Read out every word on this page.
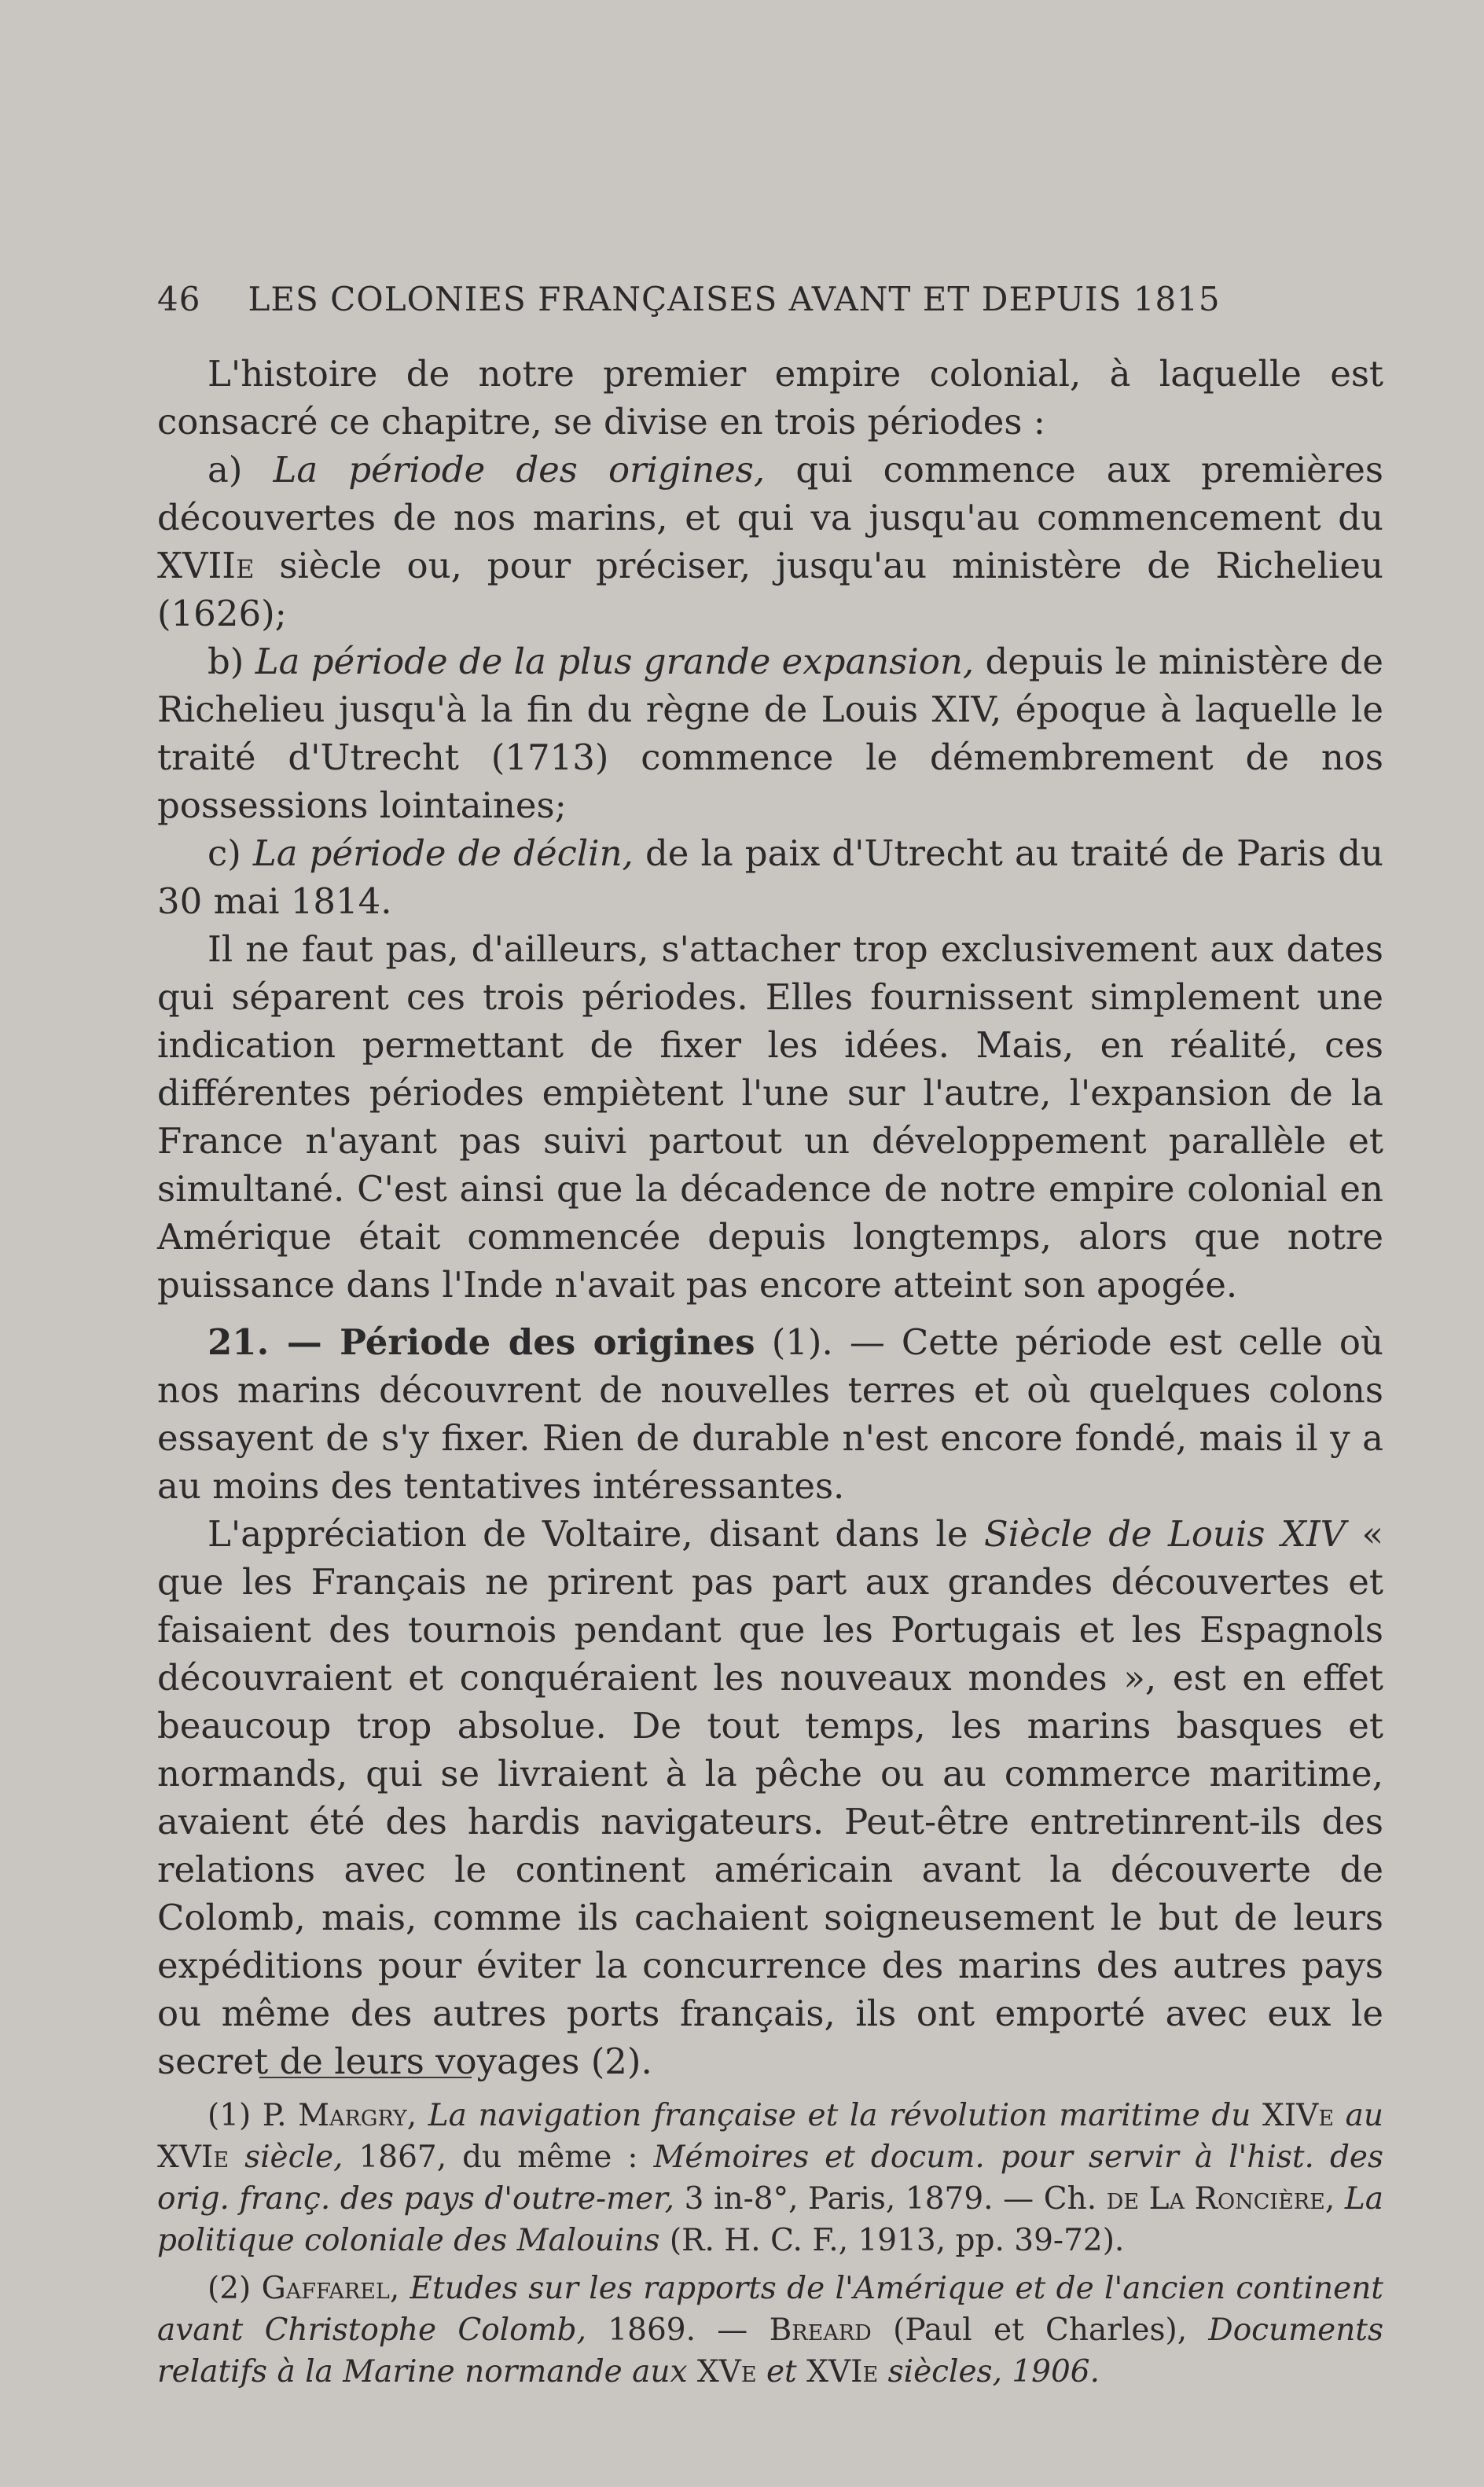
46 LES COLONIES FRANÇAISES AVANT ET DEPUIS 1815

L'histoire de notre premier empire colonial, à laquelle est consacré ce chapitre, se divise en trois périodes :

a) La période des origines, qui commence aux premières découvertes de nos marins, et qui va jusqu'au commencement du XVIIe siècle ou, pour préciser, jusqu'au ministère de Richelieu (1626);

b) La période de la plus grande expansion, depuis le ministère de Richelieu jusqu'à la fin du règne de Louis XIV, époque à laquelle le traité d'Utrecht (1713) commence le démembrement de nos possessions lointaines;

c) La période de déclin, de la paix d'Utrecht au traité de Paris du 30 mai 1814.

Il ne faut pas, d'ailleurs, s'attacher trop exclusivement aux dates qui séparent ces trois périodes. Elles fournissent simplement une indication permettant de fixer les idées. Mais, en réalité, ces différentes périodes empiètent l'une sur l'autre, l'expansion de la France n'ayant pas suivi partout un développement parallèle et simultané. C'est ainsi que la décadence de notre empire colonial en Amérique était commencée depuis longtemps, alors que notre puissance dans l'Inde n'avait pas encore atteint son apogée.

21. — Période des origines (1). — Cette période est celle où nos marins découvrent de nouvelles terres et où quelques colons essayent de s'y fixer. Rien de durable n'est encore fondé, mais il y a au moins des tentatives intéressantes.

L'appréciation de Voltaire, disant dans le Siècle de Louis XIV « que les Français ne prirent pas part aux grandes découvertes et faisaient des tournois pendant que les Portugais et les Espagnols découvraient et conquéraient les nouveaux mondes », est en effet beaucoup trop absolue. De tout temps, les marins basques et normands, qui se livraient à la pêche ou au commerce maritime, avaient été des hardis navigateurs. Peut-être entretinrent-ils des relations avec le continent américain avant la découverte de Colomb, mais, comme ils cachaient soigneusement le but de leurs expéditions pour éviter la concurrence des marins des autres pays ou même des autres ports français, ils ont emporté avec eux le secret de leurs voyages (2).

(1) P. Margry, La navigation française et la révolution maritime du XIVe au XVIe siècle, 1867, du même : Mémoires et docum. pour servir à l'hist. des orig. franç. des pays d'outre-mer, 3 in-8°, Paris, 1879. — Ch. de La Roncière, La politique coloniale des Malouins (R. H. C. F., 1913, pp. 39-72).

(2) Gaffarel, Etudes sur les rapports de l'Amérique et de l'ancien continent avant Christophe Colomb, 1869. — Breard (Paul et Charles), Documents relatifs à la Marine normande aux XVe et XVIe siècles, 1906.
